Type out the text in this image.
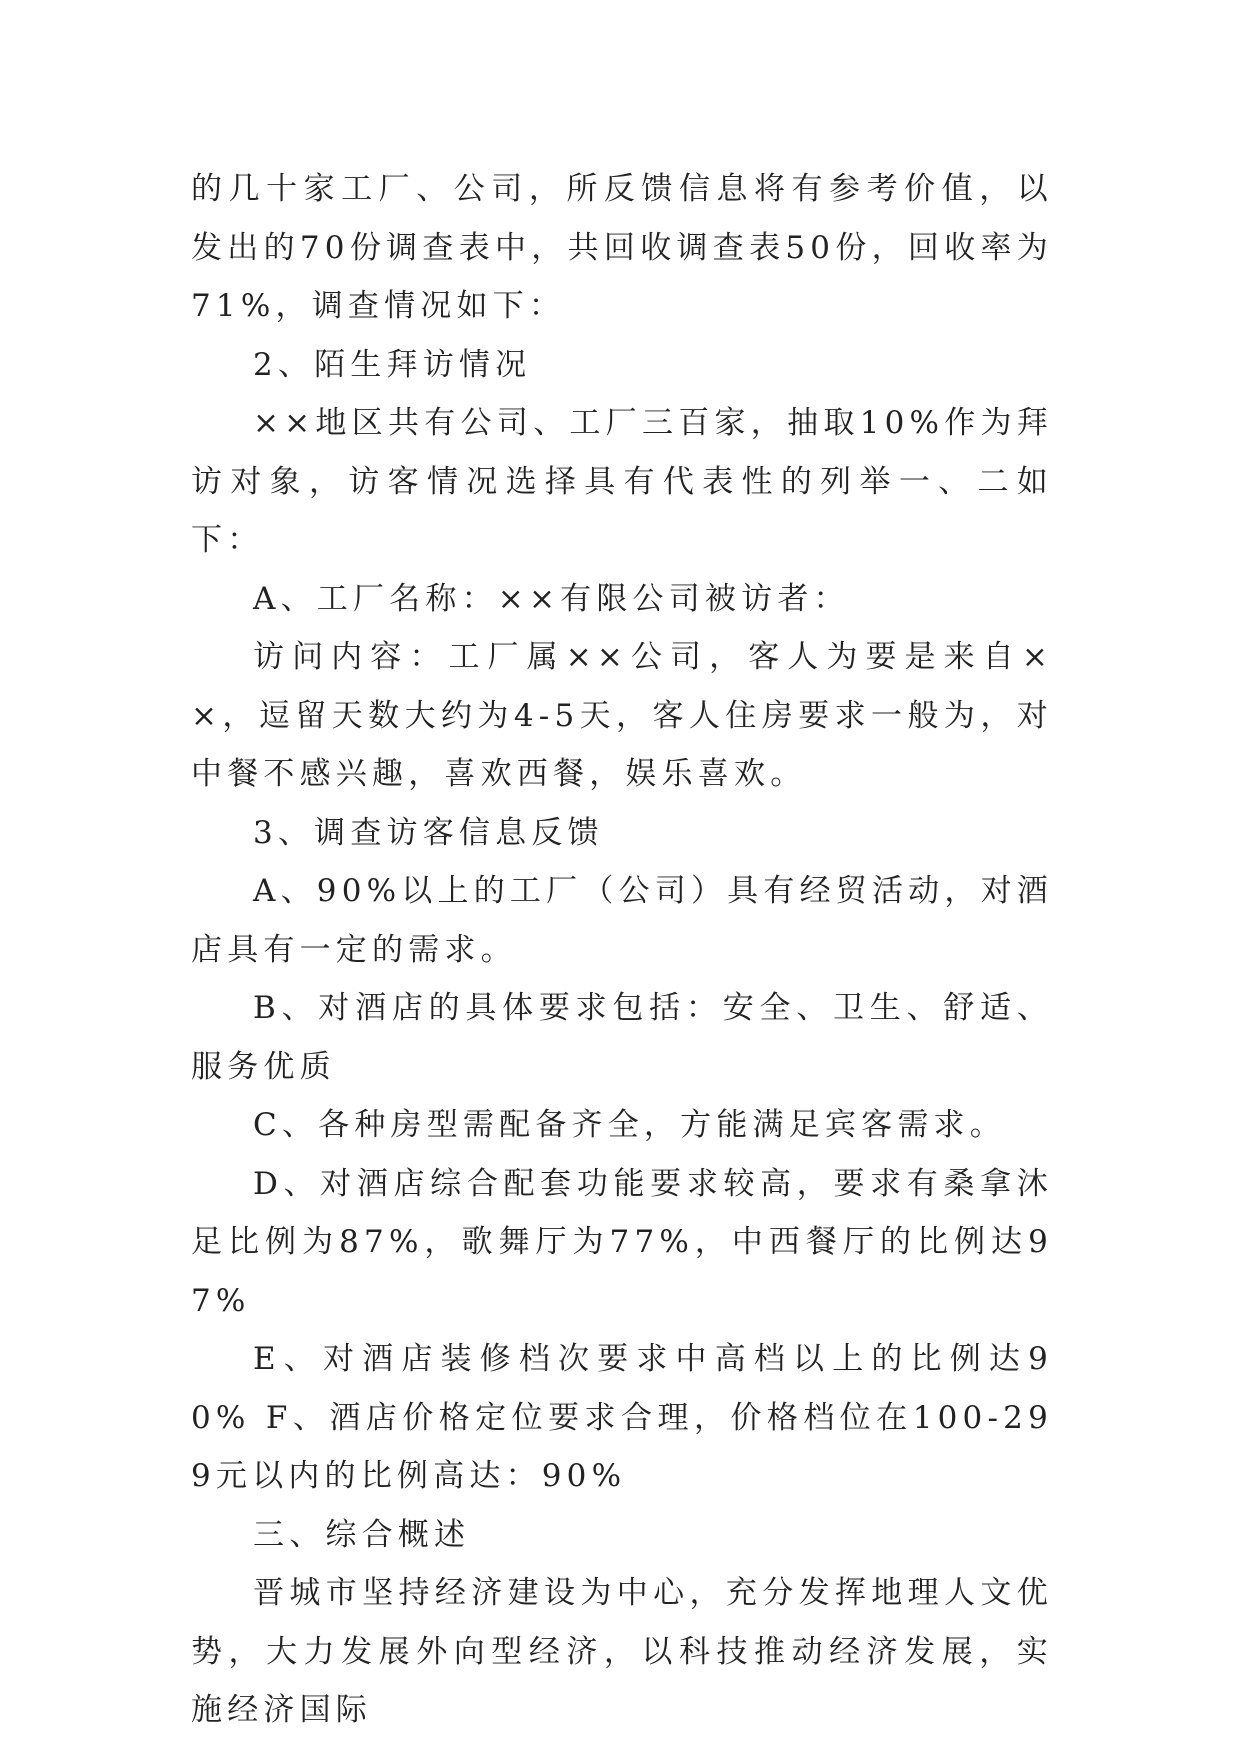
的几十家工厂、公司，所反馈信息将有参考价值，以发出的70份调查表中，共回收调查表50份，回收率为71%，调查情况如下：

2、陌生拜访情况

××地区共有公司、工厂三百家，抽取10%作为拜访对象，访客情况选择具有代表性的列举一、二如下：

A、工厂名称：××有限公司被访者：

访问内容：工厂属××公司，客人为要是来自××，逗留天数大约为4-5天，客人住房要求一般为，对中餐不感兴趣，喜欢西餐，娱乐喜欢。

3、调查访客信息反馈

A、90%以上的工厂（公司）具有经贸活动，对酒店具有一定的需求。

B、对酒店的具体要求包括：安全、卫生、舒适、服务优质

C、各种房型需配备齐全，方能满足宾客需求。

D、对酒店综合配套功能要求较高，要求有桑拿沐足比例为87%，歌舞厅为77%，中西餐厅的比例达97%

E、对酒店装修档次要求中高档以上的比例达90% F、酒店价格定位要求合理，价格档位在100-299元以内的比例高达：90%

三、综合概述

晋城市坚持经济建设为中心，充分发挥地理人文优势，大力发展外向型经济，以科技推动经济发展，实施经济国际
